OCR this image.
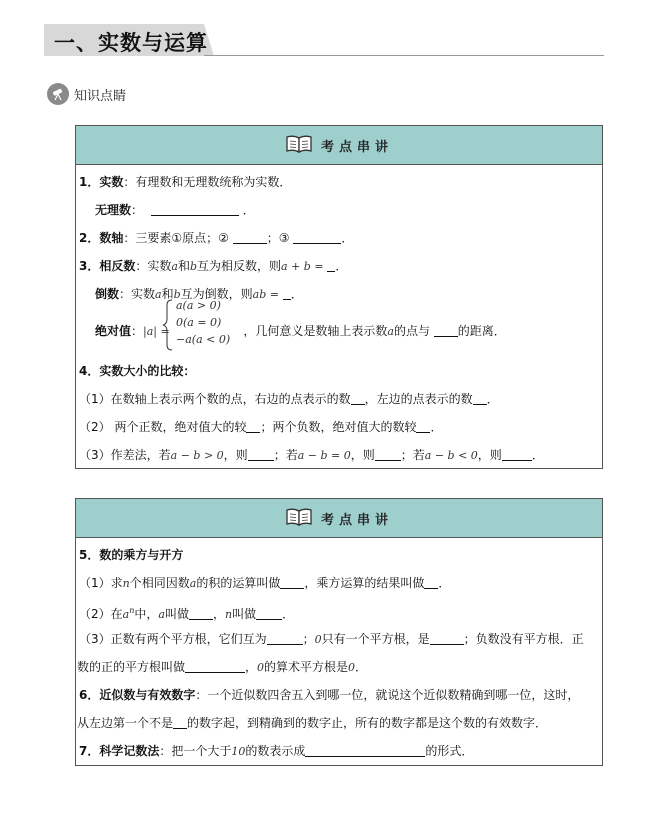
一、实数与运算
知识点睛
考点串讲
1．实数：有理数和无理数统称为实数．
无理数：	．
2．数轴：三要素①原点；②	；③	．
3．相反数：实数a和b互为相反数，则a + b = ．
倒数：实数a和b互为倒数，则ab = ．
绝对值：|a| =	，几何意义是数轴上表示数a的点与 的距离．
a(a > 0)
0(a = 0)
−a(a < 0)
4．实数大小的比较：
（1）在数轴上表示两个数的点，右边的点表示的数 ，左边的点表示的数 ．
（2） 两个正数，绝对值大的较 ；两个负数，绝对值大的数较 ．
（3）作差法，若a − b > 0，则 ；若a − b = 0，则 ；若a − b < 0，则	．
考点串讲
5．数的乘方与开方
（1）求n个相同因数a的积的运算叫做 ，乘方运算的结果叫做 ．
（2）在$a^n$中，a叫做 ，n叫做 ．
（3）正数有两个平方根，它们互为	；0只有一个平方根，是	；负数没有平方根．正
数的正的平方根叫做	，0的算术平方根是0．
6．近似数与有效数字：一个近似数四舍五入到哪一位，就说这个近似数精确到哪一位，这时，
从左边第一个不是 的数字起，到精确到的数字止，所有的数字都是这个数的有效数字．
7．科学记数法：把一个大于10的数表示成	的形式．
